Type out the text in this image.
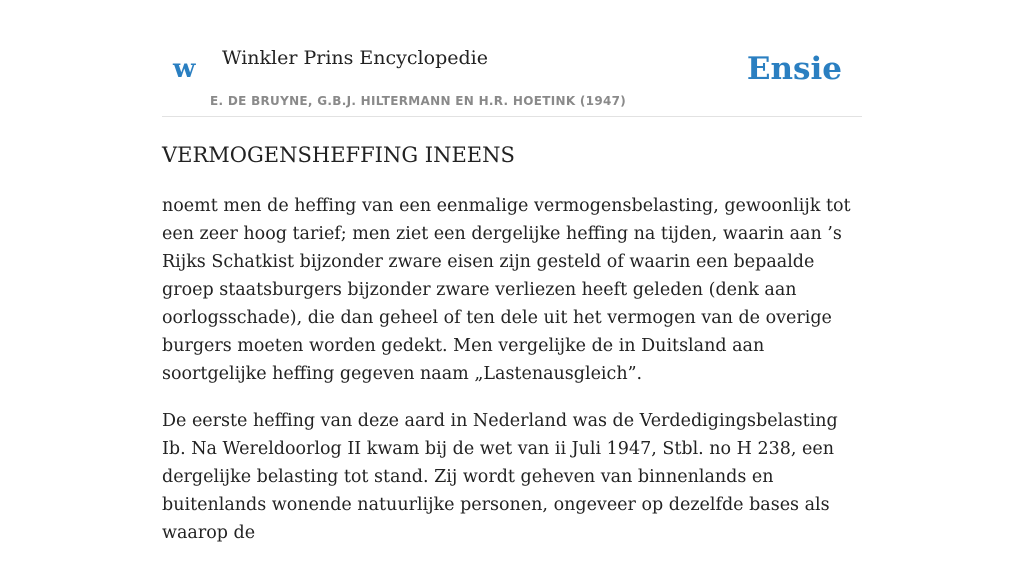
w Winkler Prins Encyclopedie
E. DE BRUYNE, G.B.J. HILTERMANN EN H.R. HOETINK (1947)
Ensie
VERMOGENSHEFFING INEENS

noemt men de heffing van een eenmalige vermogensbelasting, gewoonlijk tot een zeer hoog tarief; men ziet een dergelijke heffing na tijden, waarin aan ’s Rijks Schatkist bijzonder zware eisen zijn gesteld of waarin een bepaalde groep staatsburgers bijzonder zware verliezen heeft geleden (denk aan oorlogsschade), die dan geheel of ten dele uit het vermogen van de overige burgers moeten worden gedekt. Men vergelijke de in Duitsland aan soortgelijke heffing gegeven naam „Lastenausgleich”.

De eerste heffing van deze aard in Nederland was de Verdedigingsbelasting Ib. Na Wereldoorlog II kwam bij de wet van ii Juli 1947, Stbl. no H 238, een dergelijke belasting tot stand. Zij wordt geheven van binnenlands en buitenlands wonende natuurlijke personen, ongeveer op dezelfde bases als waarop de
